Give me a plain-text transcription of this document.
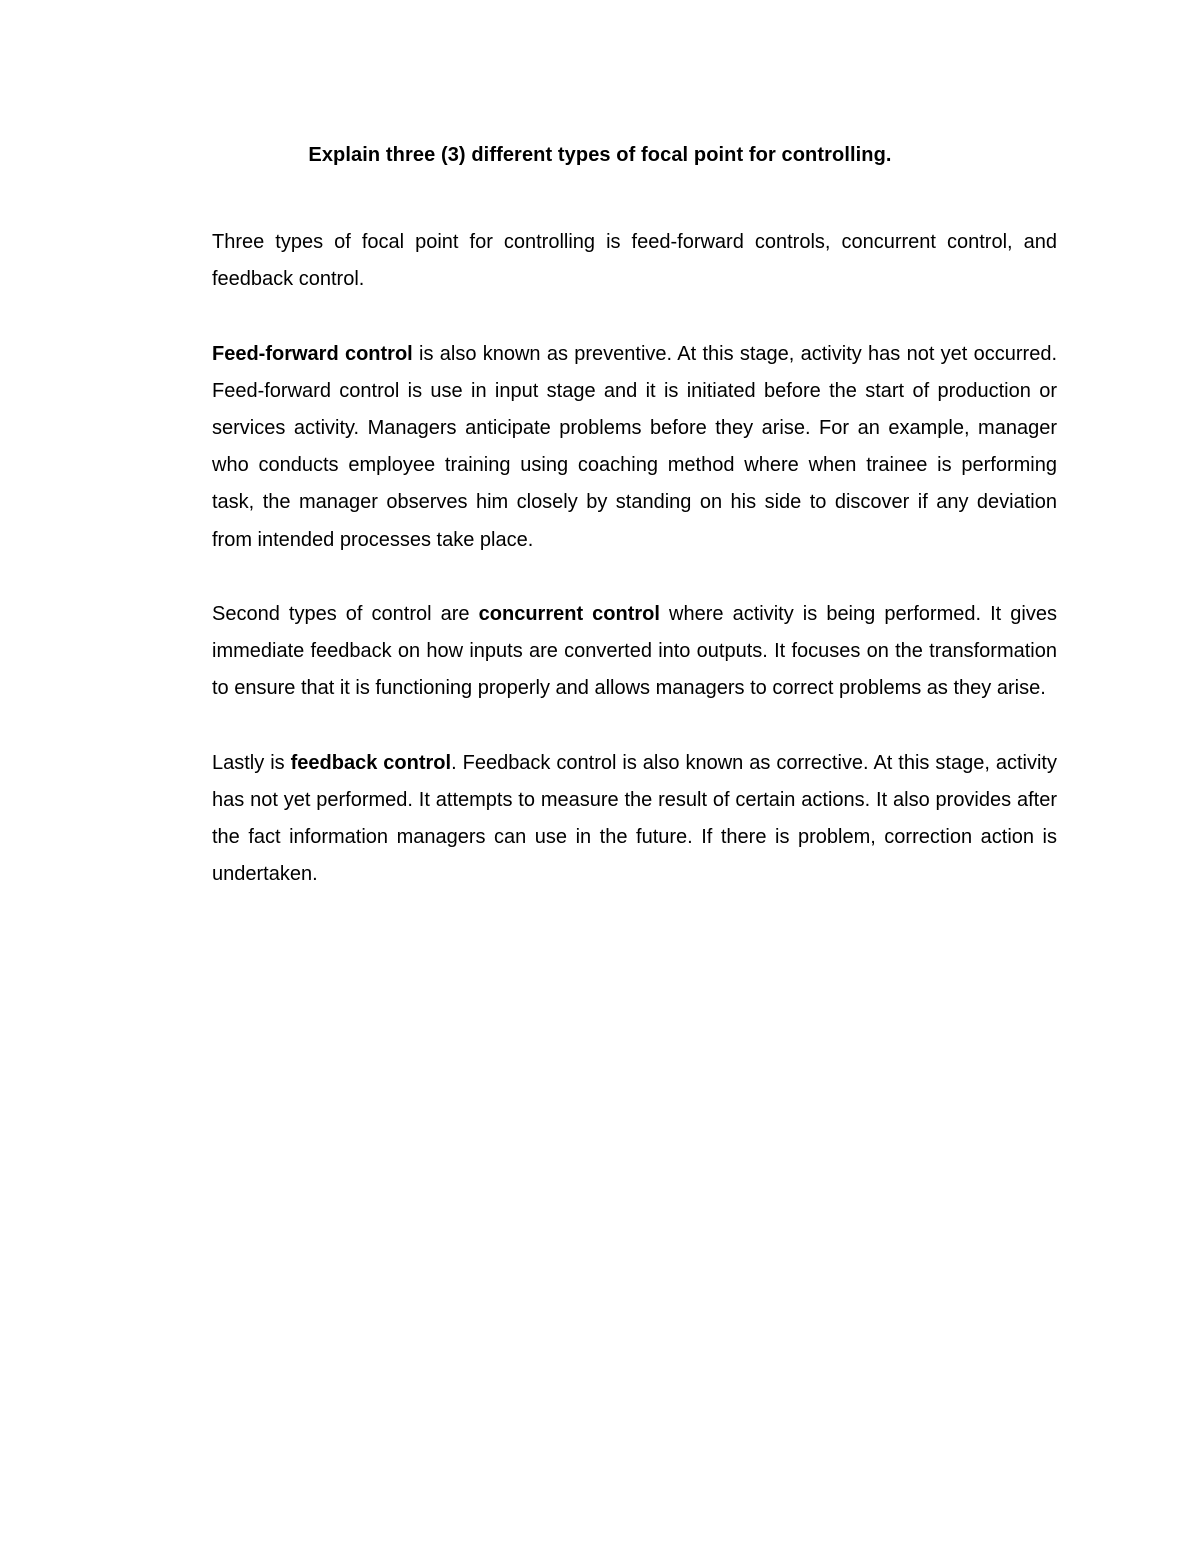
Explain three (3) different types of focal point for controlling.

Three types of focal point for controlling is feed-forward controls, concurrent control, and feedback control.

Feed-forward control is also known as preventive. At this stage, activity has not yet occurred. Feed-forward control is use in input stage and it is initiated before the start of production or services activity. Managers anticipate problems before they arise. For an example, manager who conducts employee training using coaching method where when trainee is performing task, the manager observes him closely by standing on his side to discover if any deviation from intended processes take place.

Second types of control are concurrent control where activity is being performed. It gives immediate feedback on how inputs are converted into outputs. It focuses on the transformation to ensure that it is functioning properly and allows managers to correct problems as they arise.

Lastly is feedback control. Feedback control is also known as corrective. At this stage, activity has not yet performed. It attempts to measure the result of certain actions. It also provides after the fact information managers can use in the future. If there is problem, correction action is undertaken.
